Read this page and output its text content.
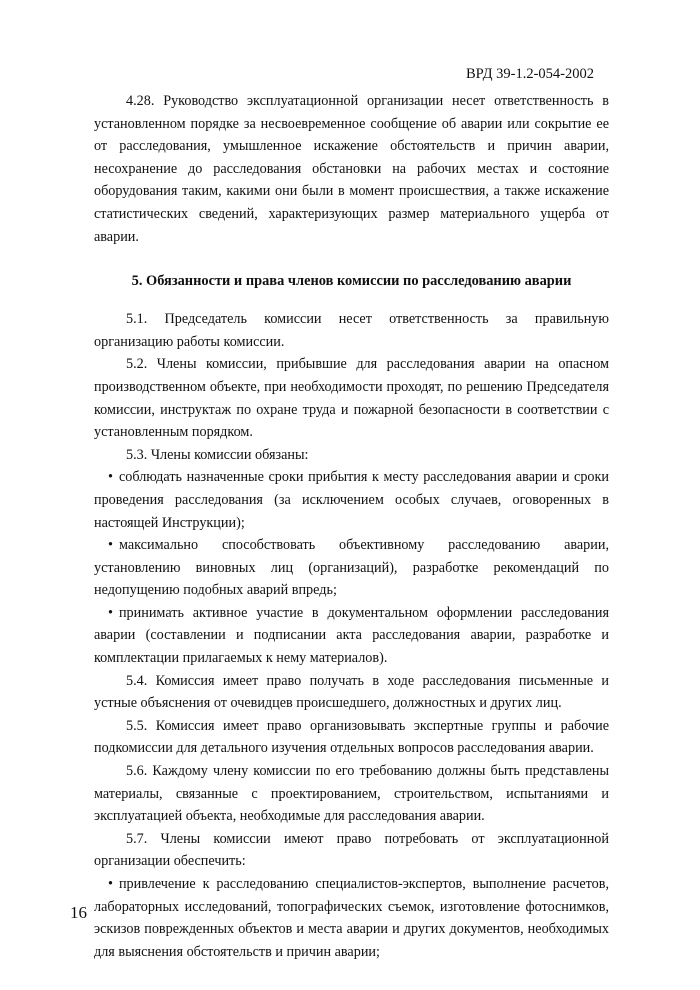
ВРД 39-1.2-054-2002

4.28. Руководство эксплуатационной организации несет ответственность в установленном порядке за несвоевременное сообщение об аварии или сокрытие ее от расследования, умышленное искажение обстоятельств и причин аварии, несохранение до расследования обстановки на рабочих местах и состояние оборудования таким, какими они были в момент происшествия, а также искажение статистических сведений, характеризующих размер материального ущерба от аварии.

5. Обязанности и права членов комиссии по расследованию аварии

5.1. Председатель комиссии несет ответственность за правильную организацию работы комиссии.

5.2. Члены комиссии, прибывшие для расследования аварии на опасном производственном объекте, при необходимости проходят, по решению Председателя комиссии, инструктаж по охране труда и пожарной безопасности в соответствии с установленным порядком.

5.3. Члены комиссии обязаны:

• соблюдать назначенные сроки прибытия к месту расследования аварии и сроки проведения расследования (за исключением особых случаев, оговоренных в настоящей Инструкции);

• максимально способствовать объективному расследованию аварии, установлению виновных лиц (организаций), разработке рекомендаций по недопущению подобных аварий впредь;

• принимать активное участие в документальном оформлении расследования аварии (составлении и подписании акта расследования аварии, разработке и комплектации прилагаемых к нему материалов).

5.4. Комиссия имеет право получать в ходе расследования письменные и устные объяснения от очевидцев происшедшего, должностных и других лиц.

5.5. Комиссия имеет право организовывать экспертные группы и рабочие подкомиссии для детального изучения отдельных вопросов расследования аварии.

5.6. Каждому члену комиссии по его требованию должны быть представлены материалы, связанные с проектированием, строительством, испытаниями и эксплуатацией объекта, необходимые для расследования аварии.

5.7. Члены комиссии имеют право потребовать от эксплуатационной организации обеспечить:

• привлечение к расследованию специалистов-экспертов, выполнение расчетов, лабораторных исследований, топографических съемок, изготовление фотоснимков, эскизов поврежденных объектов и места аварии и других документов, необходимых для выяснения обстоятельств и причин аварии;

16
